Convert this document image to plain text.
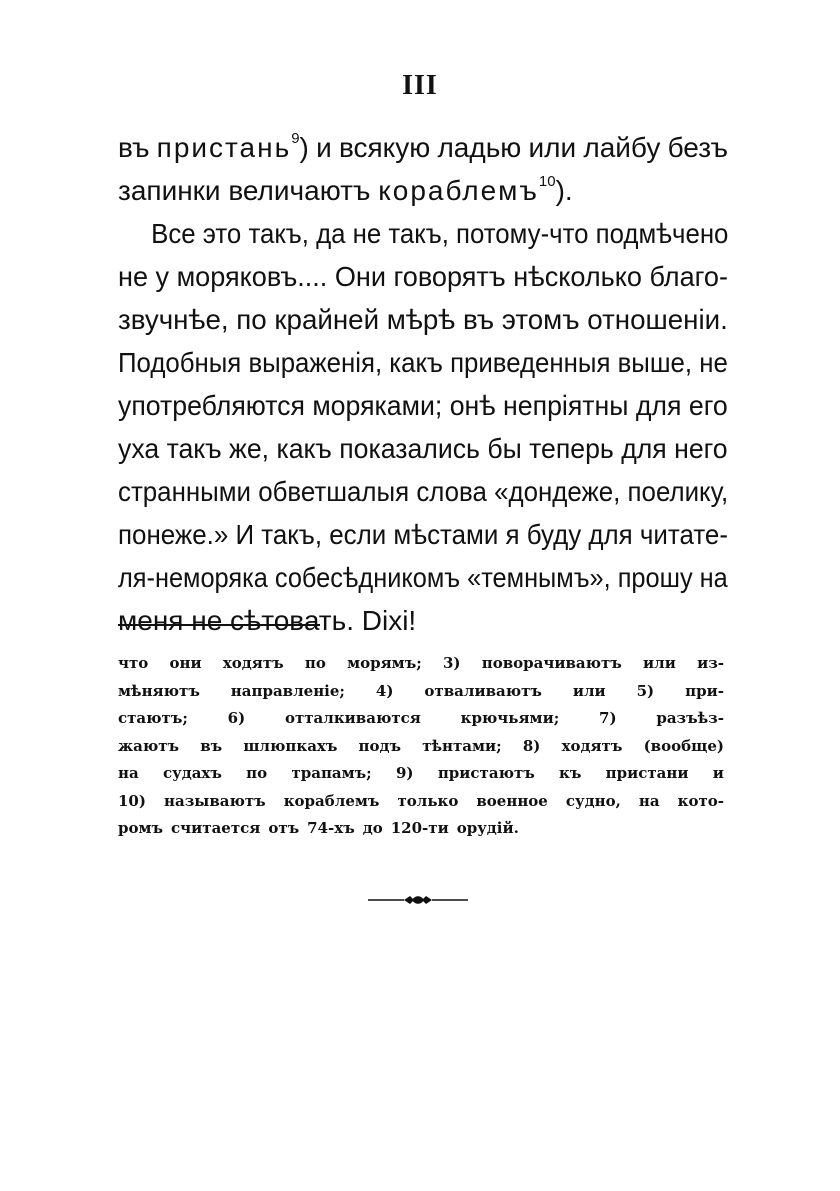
III
въ пристань$^9$) и всякую ладью или лайбу безъ
запинки величаютъ кораблемъ$^{10}$).
Все это такъ, да не такъ, потому-что подмѣчено
не у моряковъ.... Они говорятъ нѣсколько благо-
звучнѣе, по крайней мѣрѣ въ этомъ отношеніи.
Подобныя выраженія, какъ приведенныя выше, не
употребляются моряками; онѣ непріятны для его
уха такъ же, какъ показались бы теперь для него
странными обветшалыя слова «дондеже, поелику,
понеже.» И такъ, если мѣстами я буду для читате-
ля-неморяка собесѣдникомъ «темнымъ», прошу на
меня не сѣтовать. Dixi!
что они ходятъ по морямъ; 3) поворачиваютъ или из-
мѣняютъ направленіе; 4) отваливаютъ или 5) при-
стаютъ;	6)	отталкиваются	крючьями;	7)	разъѣз-
жаютъ въ шлюпкахъ подъ тѣнтами; 8) ходятъ (вообще)
на судахъ по трапамъ; 9) пристаютъ къ пристани и
10) называютъ кораблемъ только военное судно, на кото-
ромъ считается отъ 74-хъ до 120-ти орудій.
